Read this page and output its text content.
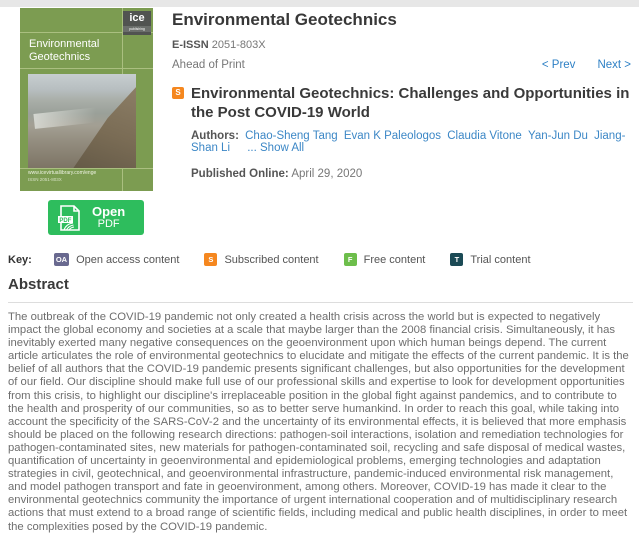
ice
publishing
Environmental Geotechnics
www.icevirtuallibrary.com/enge
ISSN 2051-803X
PDF
Open
PDF
Environmental Geotechnics
E-ISSN 2051-803X
Ahead of Print	< Prev Next >
S Environmental Geotechnics: Challenges and Opportunities in the Post COVID-19 World
Authors: Chao-Sheng Tang Evan K Paleologos Claudia Vitone Yan-Jun Du Jiang-Shan Li ... Show All
Published Online: April 29, 2020
Key:	OA Open access content	S	Subscribed content	F	Free content	T	Trial content
Abstract

The outbreak of the COVID-19 pandemic not only created a health crisis across the world but is expected to negatively impact the global economy and societies at a scale that maybe larger than the 2008 financial crisis. Simultaneously, it has inevitably exerted many negative consequences on the geoenvironment upon which human beings depend. The current article articulates the role of environmental geotechnics to elucidate and mitigate the effects of the current pandemic. It is the belief of all authors that the COVID-19 pandemic presents significant challenges, but also opportunities for the development of our field. Our discipline should make full use of our professional skills and expertise to look for development opportunities from this crisis, to highlight our discipline's irreplaceable position in the global fight against pandemics, and to contribute to the health and prosperity of our communities, so as to better serve humankind. In order to reach this goal, while taking into account the specificity of the SARS-CoV-2 and the uncertainty of its environmental effects, it is believed that more emphasis should be placed on the following research directions: pathogen-soil interactions, isolation and remediation technologies for pathogen-contaminated sites, new materials for pathogen-contaminated soil, recycling and safe disposal of medical wastes, quantification of uncertainty in geoenvironmental and epidemiological problems, emerging technologies and adaptation strategies in civil, geotechnical, and geoenvironmental infrastructure, pandemic-induced environmental risk management, and model pathogen transport and fate in geoenvironment, among others. Moreover, COVID-19 has made it clear to the environmental geotechnics community the importance of urgent international cooperation and of multidisciplinary research actions that must extend to a broad range of scientific fields, including medical and public health disciplines, in order to meet the complexities posed by the COVID-19 pandemic.
